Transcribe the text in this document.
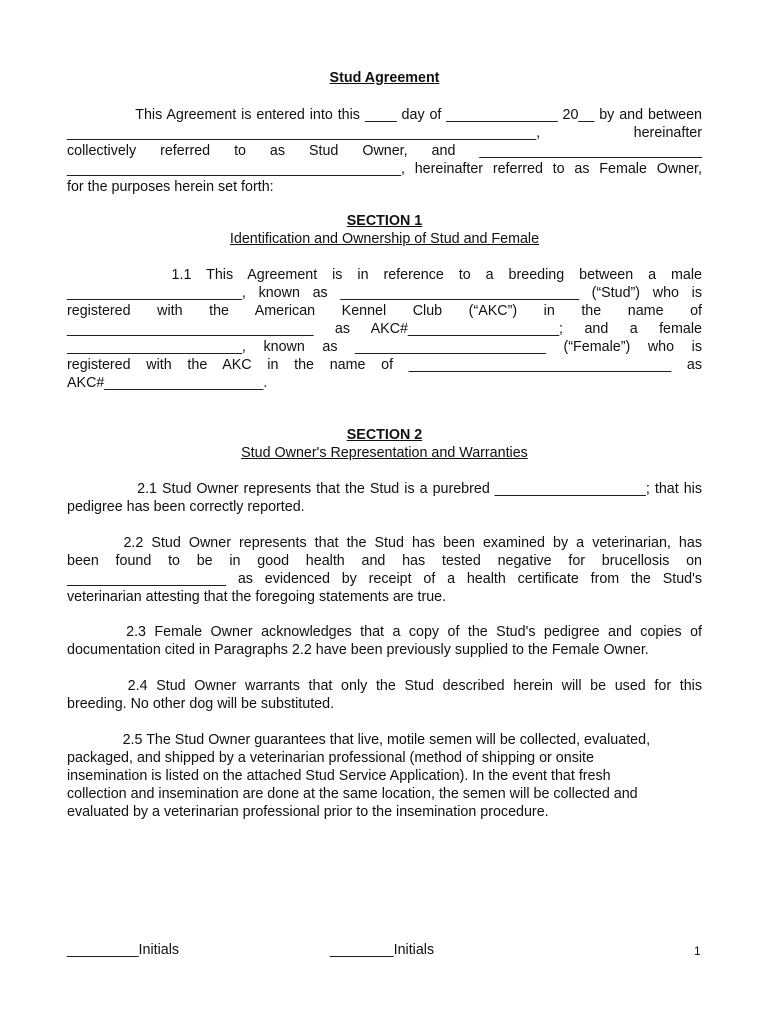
Stud Agreement
This Agreement is entered into this ____ day of ______________ 20__ by and between
___________________________________________________________,                hereinafter
collectively   referred   to   as   Stud   Owner,   and   ____________________________
__________________________________________, hereinafter referred to as Female Owner,
for the purposes herein set forth:
SECTION 1
Identification and Ownership of Stud and Female
1.1  This  Agreement  is  in  reference  to  a  breeding  between  a  male
______________________,  known  as  ______________________________  (“Stud”)  who  is
registered   with   the   American   Kennel   Club   (“AKC”)   in   the   name   of
_______________________________  as  AKC#___________________;  and  a  female
______________________,  known  as  ________________________  (“Female”)  who  is
registered  with  the  AKC  in  the  name  of  _________________________________  as
AKC#____________________.
SECTION 2
Stud Owner's Representation and Warranties
2.1 Stud Owner represents that the Stud is a purebred ___________________; that his
pedigree has been correctly reported.
2.2  Stud  Owner  represents  that  the  Stud  has  been  examined  by  a  veterinarian,  has
been   found   to   be   in   good   health   and   has   tested   negative   for   brucellosis   on
____________________  as  evidenced  by  receipt  of  a  health  certificate  from  the  Stud's
veterinarian attesting that the foregoing statements are true.
2.3  Female  Owner  acknowledges  that  a  copy  of  the  Stud's  pedigree  and  copies  of
documentation cited in Paragraphs 2.2 have been previously supplied to the Female Owner.
2.4  Stud  Owner  warrants  that  only  the  Stud  described  herein  will  be  used  for  this
breeding. No other dog will be substituted.
2.5 The Stud Owner guarantees that live, motile semen will be collected, evaluated,
packaged, and shipped by a veterinarian professional (method of shipping or onsite
insemination is listed on the attached Stud Service Application). In the event that fresh
collection and insemination are done at the same location, the semen will be collected and
evaluated by a veterinarian professional prior to the insemination procedure.
_________Initials	________Initials	1
